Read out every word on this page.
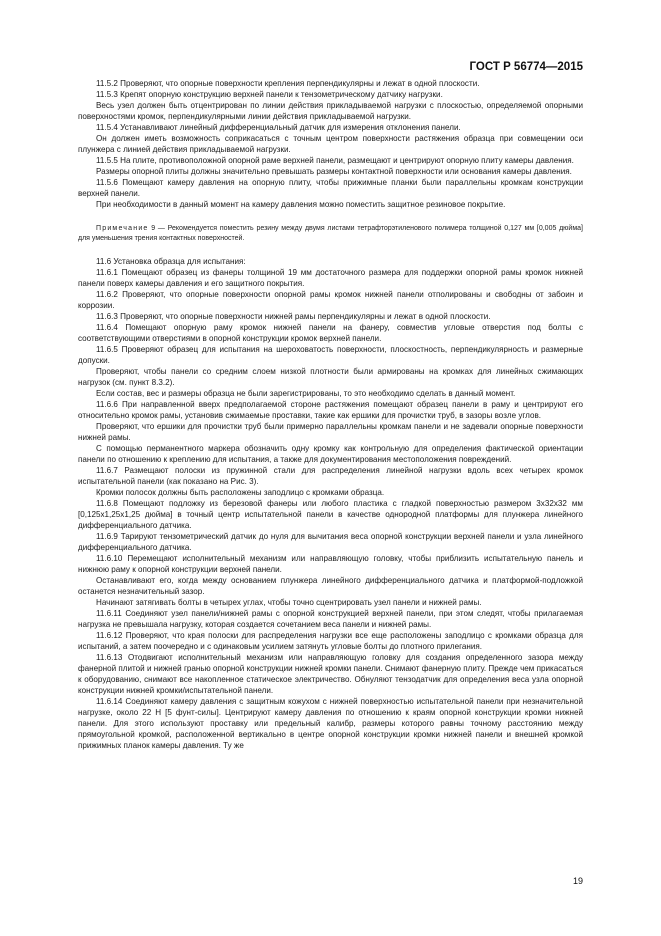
ГОСТ Р 56774—2015

11.5.2 Проверяют, что опорные поверхности крепления перпендикулярны и лежат в одной плоскости.

11.5.3 Крепят опорную конструкцию верхней панели к тензометрическому датчику нагрузки.

Весь узел должен быть отцентрирован по линии действия прикладываемой нагрузки с плоскостью, определяемой опорными поверхностями кромок, перпендикулярными линии действия прикладываемой нагрузки.

11.5.4 Устанавливают линейный дифференциальный датчик для измерения отклонения панели.

Он должен иметь возможность соприкасаться с точным центром поверхности растяжения образца при совмещении оси плунжера с линией действия прикладываемой нагрузки.

11.5.5 На плите, противоположной опорной раме верхней панели, размещают и центрируют опорную плиту камеры давления.

Размеры опорной плиты должны значительно превышать размеры контактной поверхности или основания камеры давления.

11.5.6 Помещают камеру давления на опорную плиту, чтобы прижимные планки были параллельны кромкам конструкции верхней панели.

При необходимости в данный момент на камеру давления можно поместить защитное резиновое покрытие.

Примечание 9 — Рекомендуется поместить резину между двумя листами тетрафторэтиленового полимера толщиной 0,127 мм [0,005 дюйма] для уменьшения трения контактных поверхностей.

11.6 Установка образца для испытания:

11.6.1 Помещают образец из фанеры толщиной 19 мм достаточного размера для поддержки опорной рамы кромок нижней панели поверх камеры давления и его защитного покрытия.

11.6.2 Проверяют, что опорные поверхности опорной рамы кромок нижней панели отполированы и свободны от забоин и коррозии.

11.6.3 Проверяют, что опорные поверхности нижней рамы перпендикулярны и лежат в одной плоскости.

11.6.4 Помещают опорную раму кромок нижней панели на фанеру, совместив угловые отверстия под болты с соответствующими отверстиями в опорной конструкции кромок верхней панели.

11.6.5 Проверяют образец для испытания на шероховатость поверхности, плоскостность, перпендикулярность и размерные допуски.

Проверяют, чтобы панели со средним слоем низкой плотности были армированы на кромках для линейных сжимающих нагрузок (см. пункт 8.3.2).

Если состав, вес и размеры образца не были зарегистрированы, то это необходимо сделать в данный момент.

11.6.6 При направленной вверх предполагаемой стороне растяжения помещают образец панели в раму и центрируют его относительно кромок рамы, установив сжимаемые проставки, такие как ершики для прочистки труб, в зазоры возле углов.

Проверяют, что ершики для прочистки труб были примерно параллельны кромкам панели и не задевали опорные поверхности нижней рамы.

С помощью перманентного маркера обозначить одну кромку как контрольную для определения фактической ориентации панели по отношению к креплению для испытания, а также для документирования местоположения повреждений.

11.6.7 Размещают полоски из пружинной стали для распределения линейной нагрузки вдоль всех четырех кромок испытательной панели (как показано на Рис. 3).

Кромки полосок должны быть расположены заподлицо с кромками образца.

11.6.8 Помещают подложку из березовой фанеры или любого пластика с гладкой поверхностью размером 3x32x32 мм [0,125x1,25x1,25 дюйма] в точный центр испытательной панели в качестве однородной платформы для плунжера линейного дифференциального датчика.

11.6.9 Тарируют тензометрический датчик до нуля для вычитания веса опорной конструкции верхней панели и узла линейного дифференциального датчика.

11.6.10 Перемещают исполнительный механизм или направляющую головку, чтобы приблизить испытательную панель и нижнюю раму к опорной конструкции верхней панели.

Останавливают его, когда между основанием плунжера линейного дифференциального датчика и платформой-подложкой останется незначительный зазор.

Начинают затягивать болты в четырех углах, чтобы точно сцентрировать узел панели и нижней рамы.

11.6.11 Соединяют узел панели/нижней рамы с опорной конструкцией верхней панели, при этом следят, чтобы прилагаемая нагрузка не превышала нагрузку, которая создается сочетанием веса панели и нижней рамы.

11.6.12 Проверяют, что края полоски для распределения нагрузки все еще расположены заподлицо с кромками образца для испытаний, а затем поочередно и с одинаковым усилием затянуть угловые болты до плотного прилегания.

11.6.13 Отодвигают исполнительный механизм или направляющую головку для создания определенного зазора между фанерной плитой и нижней гранью опорной конструкции нижней кромки панели. Снимают фанерную плиту. Прежде чем прикасаться к оборудованию, снимают все накопленное статическое электричество. Обнуляют тензодатчик для определения веса узла опорной конструкции нижней кромки/испытательной панели.

11.6.14 Соединяют камеру давления с защитным кожухом с нижней поверхностью испытательной панели при незначительной нагрузке, около 22 Н [5 фунт-силы]. Центрируют камеру давления по отношению к краям опорной конструкции кромки нижней панели. Для этого используют проставку или предельный калибр, размеры которого равны точному расстоянию между прямоугольной кромкой, расположенной вертикально в центре опорной конструкции кромки нижней панели и внешней кромкой прижимных планок камеры давления. Ту же

19
